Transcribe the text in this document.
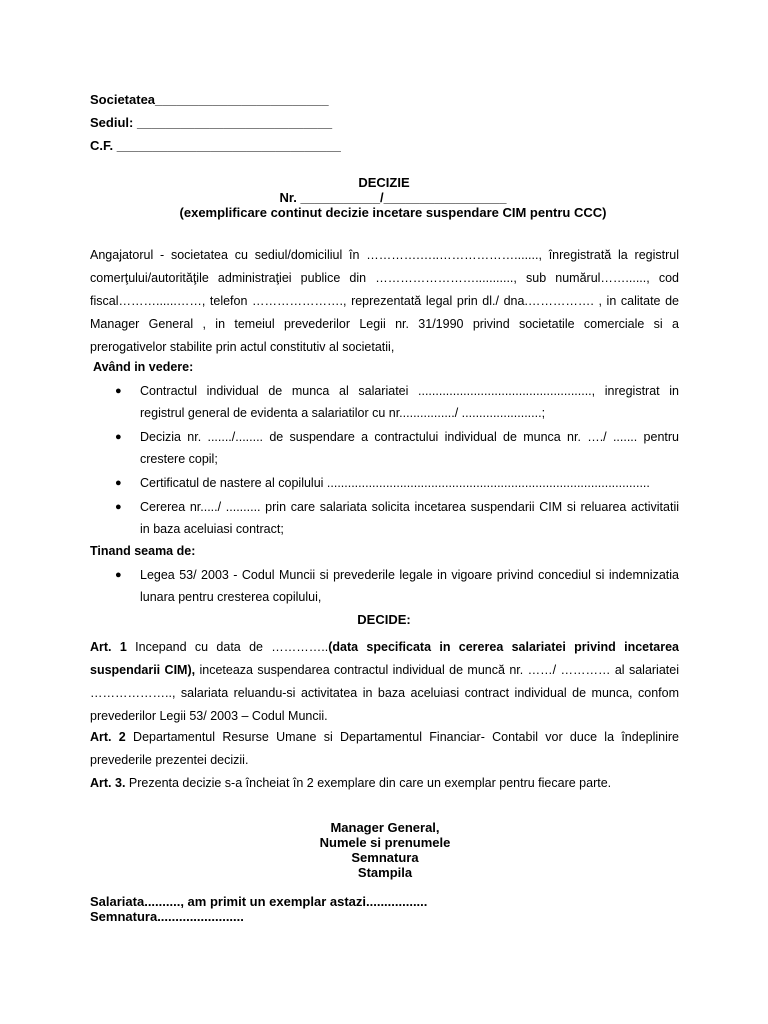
Societatea________________________
Sediul: ___________________________
C.F. _______________________________
DECIZIE
Nr. ___________/_________________
(exemplificare continut decizie incetare suspendare CIM pentru CCC)
Angajatorul - societatea cu sediul/domiciliul în ………….…..………………......., înregistrată la registrul
comerţului/autorităţile administraţiei publice din ……………………..........., sub numărul……......, cod
fiscal………......……, telefon …………………., reprezentată legal prin dl./ dna.……………. , in calitate de
Manager General , in temeiul prevederilor Legii nr. 31/1990 privind societatile comerciale si a
prerogativelor stabilite prin actul constitutiv al societatii,
Având in vedere:
● Contractul individual de munca al salariatei .................................................., inregistrat in
registrul general de evidenta a salariatilor cu nr................/ .......................;
● Decizia nr. ......./........ de suspendare a contractului individual de munca nr. …./ ....... pentru
crestere copil;
● Certificatul de nastere al copilului .............................................................................................
● Cererea nr...../ .......... prin care salariata solicita incetarea suspendarii CIM si reluarea activitatii
in baza aceluiasi contract;
Tinand seama de:
● Legea 53/ 2003 - Codul Muncii si prevederile legale in vigoare privind concediul si indemnizatia
lunara pentru cresterea copilului,
DECIDE:
Art. 1 Incepand cu data de …………..(data specificata in cererea salariatei privind incetarea
suspendarii CIM), inceteaza suspendarea contractul individual de muncă nr. ……/ ………… al salariatei
……………….., salariata reluandu-si activitatea in baza aceluiasi contract individual de munca, confom
prevederilor Legii 53/ 2003 – Codul Muncii.
Art. 2 Departamentul Resurse Umane si Departamentul Financiar- Contabil vor duce la îndeplinire
prevederile prezentei decizii.
Art. 3. Prezenta decizie s-a încheiat în 2 exemplare din care un exemplar pentru fiecare parte.
Manager General,
Numele si prenumele
Semnatura
Stampila
Salariata.........., am primit un exemplar astazi.................
Semnatura........................
